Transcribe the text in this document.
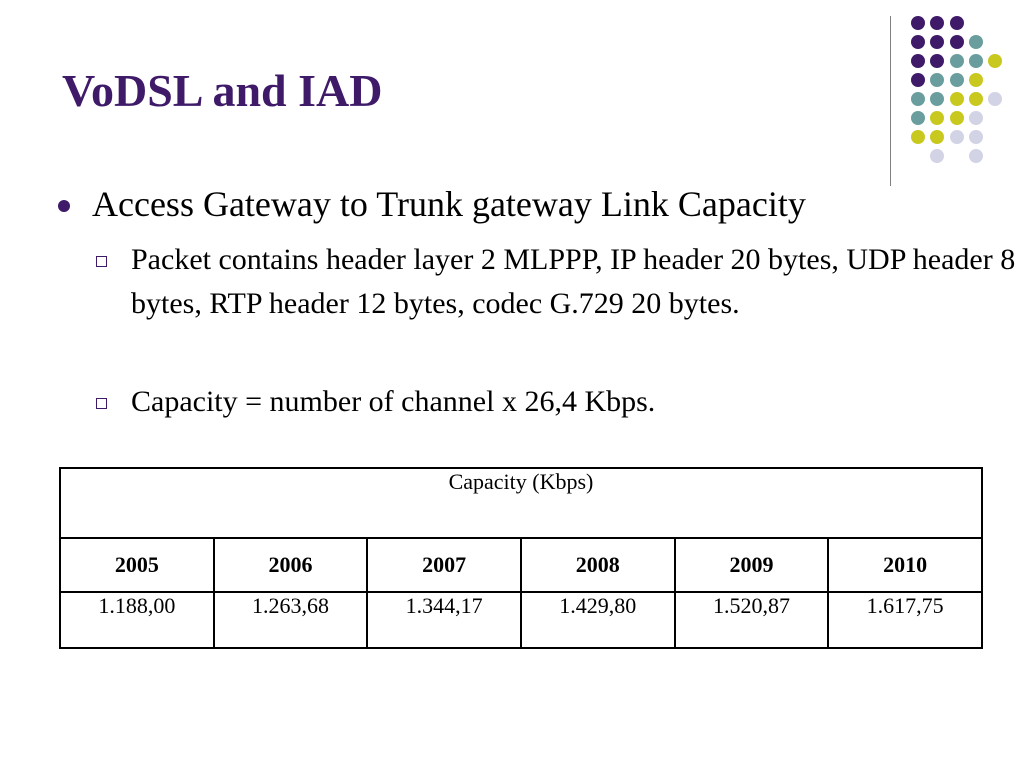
VoDSL and IAD
Access Gateway to Trunk gateway Link Capacity
Packet contains header layer 2 MLPPP, IP header 20 bytes, UDP header 8 bytes, RTP header 12 bytes, codec G.729 20 bytes.
Capacity = number of channel x 26,4 Kbps.
Capacity (Kbps)					
2005	2006	2007	2008	2009	2010
1.188,00	1.263,68	1.344,17	1.429,80	1.520,87	1.617,75
